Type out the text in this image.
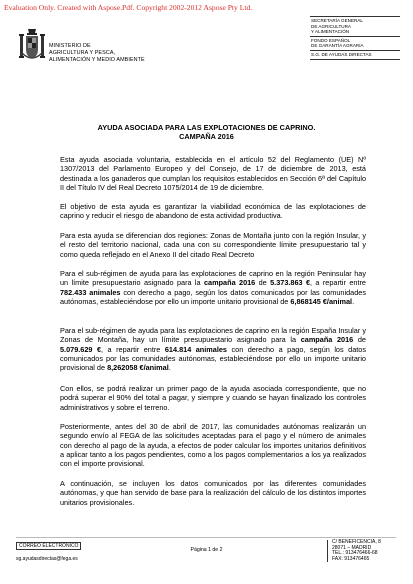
Evaluation Only. Created with Aspose.Pdf. Copyright 2002-2012 Aspose Pty Ltd.
MINISTERIO DE
AGRICULTURA Y PESCA,
ALIMENTACIÓN Y MEDIO AMBIENTE
SECRETARÍA GENERAL
DE AGRICULTURA
Y ALIMENTACIÓN
FONDO ESPAÑOL
DE GARANTÍA AGRARIA
S.G. DE AYUDAS DIRECTAS
AYUDA ASOCIADA PARA LAS EXPLOTACIONES DE CAPRINO.
CAMPAÑA 2016

Esta ayuda asociada voluntaria, establecida en el artículo 52 del Reglamento (UE) Nº 1307/2013 del Parlamento Europeo y del Consejo, de 17 de diciembre de 2013, está destinada a los ganaderos que cumplan los requisitos establecidos en Sección 6ª del Capítulo II del Título IV del Real Decreto 1075/2014 de 19 de diciembre.

El objetivo de esta ayuda es garantizar la viabilidad económica de las explotaciones de caprino y reducir el riesgo de abandono de esta actividad productiva.

Para esta ayuda se diferencian dos regiones: Zonas de Montaña junto con la región Insular, y el resto del territorio nacional, cada una con su correspondiente límite presupuestario tal y como queda reflejado en el Anexo II del citado Real Decreto

Para el sub-régimen de ayuda para las explotaciones de caprino en la región Peninsular hay un límite presupuestario asignado para la campaña 2016 de 5.373.863 €, a repartir entre 782.433 animales con derecho a pago, según los datos comunicados por las comunidades autónomas, estableciéndose por ello un importe unitario provisional de 6,868145 €/animal.

Para el sub-régimen de ayuda para las explotaciones de caprino en la región España Insular y Zonas de Montaña, hay un límite presupuestario asignado para la campaña 2016 de 5.079.629 €, a repartir entre 614.814 animales con derecho a pago, según los datos comunicados por las comunidades autónomas, estableciéndose por ello un importe unitario provisional de 8,262058 €/animal.

Con ellos, se podrá realizar un primer pago de la ayuda asociada correspondiente, que no podrá superar el 90% del total a pagar, y siempre y cuando se hayan finalizado los controles administrativos y sobre el terreno.

Posteriormente, antes del 30 de abril de 2017, las comunidades autónomas realizarán un segundo envío al FEGA de las solicitudes aceptadas para el pago y el número de animales con derecho al pago de la ayuda, a efectos de poder calcular los importes unitarios definitivos a aplicar tanto a los pagos pendientes, como a los pagos complementarios a los ya realizados con el importe provisional.

A continuación, se incluyen los datos comunicados por las diferentes comunidades autónomas, y que han servido de base para la realización del cálculo de los distintos importes unitarios provisionales.

CORREO ELECTRÓNICO
sg.ayudasdirectas@fega.es
Página 1 de 2
C/ BENEFICENCIA, 8
28071 – MADRID
TEL.: 913476466-68
FAX: 913476465
